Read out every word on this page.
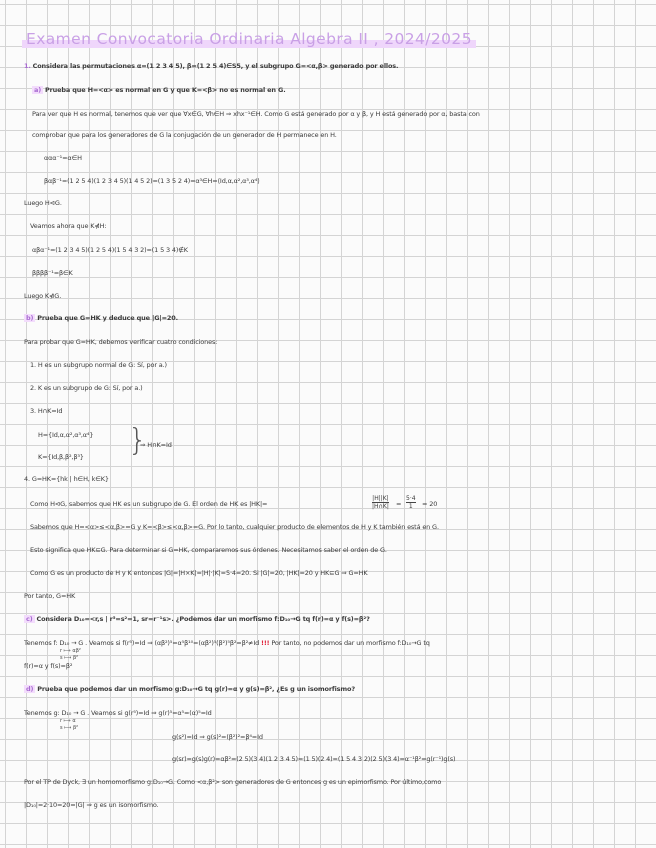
Examen Convocatoria Ordinaria Algebra II , 2024/2025
1. Considera las permutaciones α=(1 2 3 4 5), β=(1 2 5 4)∈S5, y el subgrupo G=<α,β> generado por ellos.
a) Prueba que H=<α> es normal en G y que K=<β> no es normal en G.
Para ver que H es normal, tenemos que ver que ∀x∈G, ∀h∈H ⇒ xhx⁻¹∈H. Como G está generado por α y β, y H está generado por α, basta con
comprobar que para los generadores de G la conjugación de un generador de H permanece en H.
ααα⁻¹=α∈H
βαβ⁻¹=(1 2 5 4)(1 2 3 4 5)(1 4 5 2)=(1 3 5 2 4)=α³∈H=⟨Id,α,α²,α³,α⁴⟩
Luego H⊲G.
Veamos ahora que K⋪H:
αβα⁻¹=(1 2 3 4 5)(1 2 5 4)(1 5 4 3 2)=(1 5 3 4)∉K
ββββ⁻¹=β∈K
Luego K⋪G.
b) Prueba que G=HK y deduce que |G|=20.
Para probar que G=HK, debemos verificar cuatro condiciones:
1. H es un subgrupo normal de G: Sí, por a.)
2. K es un subgrupo de G: Sí, por a.)
3. H∩K=Id
H={Id,α,α²,α³,α⁴}
K={Id,β,β²,β³} }
⇒ H∩K=Id
4. G=HK={hk | h∈H, k∈K}
Como H⊲G, sabemos que HK es un subgrupo de G. El orden de HK es |HK|=	$\frac{|H||K|}{|H\cap K|} = \frac{5\cdot 4}{1} = 20$
Sabemos que H=<α>≤<α,β>=G y K=<β>≤<α,β>=G. Por lo tanto, cualquier producto de elementos de H y K también está en G.
Esto significa que HK⊆G. Para determinar si G=HK, compararemos sus órdenes. Necesitamos saber el orden de G.
Como G es un producto de H y K entonces |G|=|H×K|=|H|·|K|=5·4=20. Si |G|=20, |HK|=20 y HK⊆G ⇒ G=HK
Por tanto, G=HK
c) Considera D₁₀=<r,s | r⁵=s²=1, sr=r⁻¹s>. ¿Podemos dar un morfismo f:D₁₀→G tq f(r)=α y f(s)=β²?
Tenemos f: D₁₀ → G . Veamos si f(r⁵)=Id ⇒ (αβ²)⁵=α⁵β¹⁰=(αβ²)⁵(β²)⁵β²=β²≠Id !!! Por tanto, no podemos dar un morfismo f:D₁₀→G tq
r ⟼ αβ²
s ⟼ β²
f(r)=α y f(s)=β²
d) Prueba que podemos dar un morfismo g:D₁₀→G tq g(r)=α y g(s)=β², ¿Es g un isomorfismo?
Tenemos g: D₁₀ → G . Veamos si g(r⁵)=Id ⇒ g(r)⁵=α⁵=(α)⁵=Id
r ⟼ α
s ⟼ β²
g(s²)=Id ⇒ g(s)²=(β²)²=β⁴=Id
g(sr)=g(s)g(r)=αβ²=(2 5)(3 4)(1 2 3 4 5)=(1 5)(2 4)=(1 5 4 3 2)(2 5)(3 4)=α⁻¹β²=g(r⁻¹)g(s)
Por el TP de Dyck, ∃ un homomorfismo g:D₁₀→G. Como <α,β²> son generadores de G entonces g es un epimorfismo. Por último,como
|D₁₀|=2·10=20=|G| ⇒ g es un isomorfismo.
